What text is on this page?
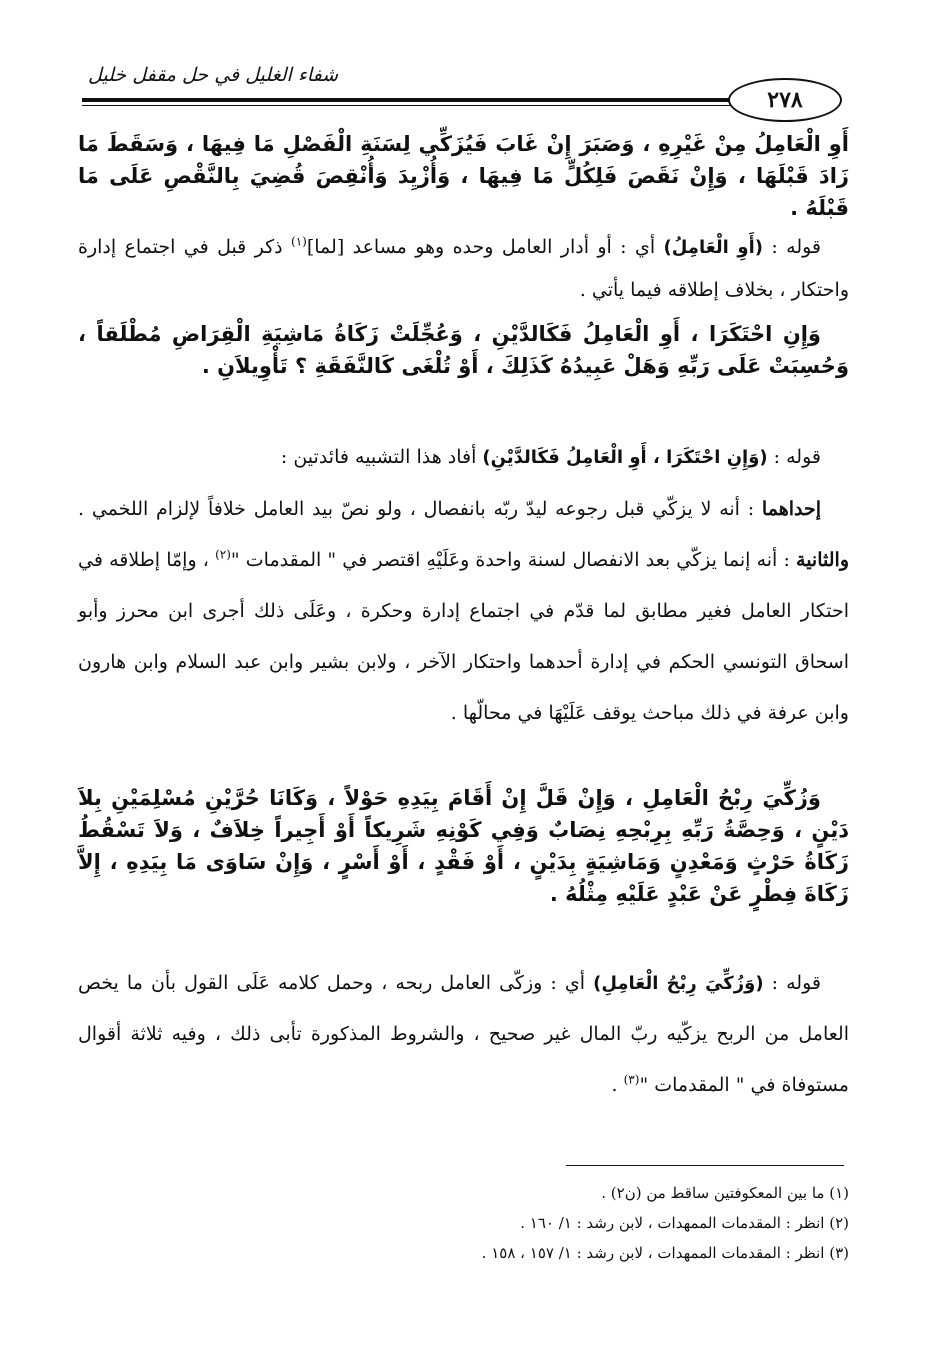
٢٧٨
شفاء الغليل في حل مقفل خليل
أَوِ الْعَامِلُ مِنْ غَيْرِهِ ، وَصَبَرَ إِنْ غَابَ فَيُزَكِّي لِسَنَةِ الْفَصْلِ مَا فِيهَا ، وَسَقَطَ مَا زَادَ قَبْلَهَا ، وَإِنْ نَقَصَ فَلِكُلٍّ مَا فِيهَا ، وَأُزْيِدَ وَأُنْقِصَ قُضِيَ بِالنَّقْصِ عَلَى مَا قَبْلَهُ .
قوله : (أَوِ الْعَامِلُ) أي : أو أدار العامل وحده وهو مساعد [لما]$^{(١)}$ ذكر قبل في اجتماع إدارة واحتكار ، بخلاف إطلاقه فيما يأتي .
وَإِنِ احْتَكَرَا ، أَوِ الْعَامِلُ فَكَالدَّيْنِ ، وَعُجِّلَتْ زَكَاةُ مَاشِيَةِ الْقِرَاضِ مُطْلَقاً ، وَحُسِبَتْ عَلَى رَبِّهِ وَهَلْ عَبِيدُهُ كَذَلِكَ ، أَوْ تُلْغَى كَالنَّفَقَةِ ؟ تَأْوِيلاَنِ .
قوله : (وَإِنِ احْتَكَرَا ، أَوِ الْعَامِلُ فَكَالدَّيْنِ) أفاد هذا التشبيه فائدتين :
إحداهما : أنه لا يزكّي قبل رجوعه ليدّ ربّه بانفصال ، ولو نصّ بيد العامل خلافاً لإلزام اللخمي . والثانية : أنه إنما يزكّي بعد الانفصال لسنة واحدة وعَلَيْهِ اقتصر في " المقدمات "$^{(٢)}$ ، وإمّا إطلاقه في احتكار العامل فغير مطابق لما قدّم في اجتماع إدارة وحكرة ، وعَلَى ذلك أجرى ابن محرز وأبو اسحاق التونسي الحكم في إدارة أحدهما واحتكار الآخر ، ولابن بشير وابن عبد السلام وابن هارون وابن عرفة في ذلك مباحث يوقف عَلَيْهَا في محالّها .
وَزُكِّيَ رِبْحُ الْعَامِلِ ، وَإِنْ قَلَّ إِنْ أَقَامَ بِيَدِهِ حَوْلاً ، وَكَانَا حُرَّيْنِ مُسْلِمَيْنِ بِلاَ دَيْنٍ ، وَحِصَّةُ رَبِّهِ بِرِبْحِهِ نِصَابٌ وَفِي كَوْنِهِ شَرِيكاً أَوْ أَجِيراً خِلاَفٌ ، وَلاَ تَسْقُطُ زَكَاةُ حَرْثٍ وَمَعْدِنٍ وَمَاشِيَةٍ بِدَيْنٍ ، أَوْ فَقْدٍ ، أَوْ أَسْرٍ ، وَإِنْ سَاوَى مَا بِيَدِهِ ، إِلاَّ زَكَاةَ فِطْرٍ عَنْ عَبْدٍ عَلَيْهِ مِثْلُهُ .
قوله : (وَزُكِّيَ رِبْحُ الْعَامِلِ) أي : وزكّى العامل ربحه ، وحمل كلامه عَلَى القول بأن ما يخص العامل من الربح يزكّيه ربّ المال غير صحيح ، والشروط المذكورة تأبى ذلك ، وفيه ثلاثة أقوال مستوفاة في " المقدمات "$^{(٣)}$ .
(١) ما بين المعكوفتين ساقط من (ن٢) .
(٢) انظر : المقدمات الممهدات ، لابن رشد : ١/ ١٦٠ .
(٣) انظر : المقدمات الممهدات ، لابن رشد : ١/ ١٥٧ ، ١٥٨ .
